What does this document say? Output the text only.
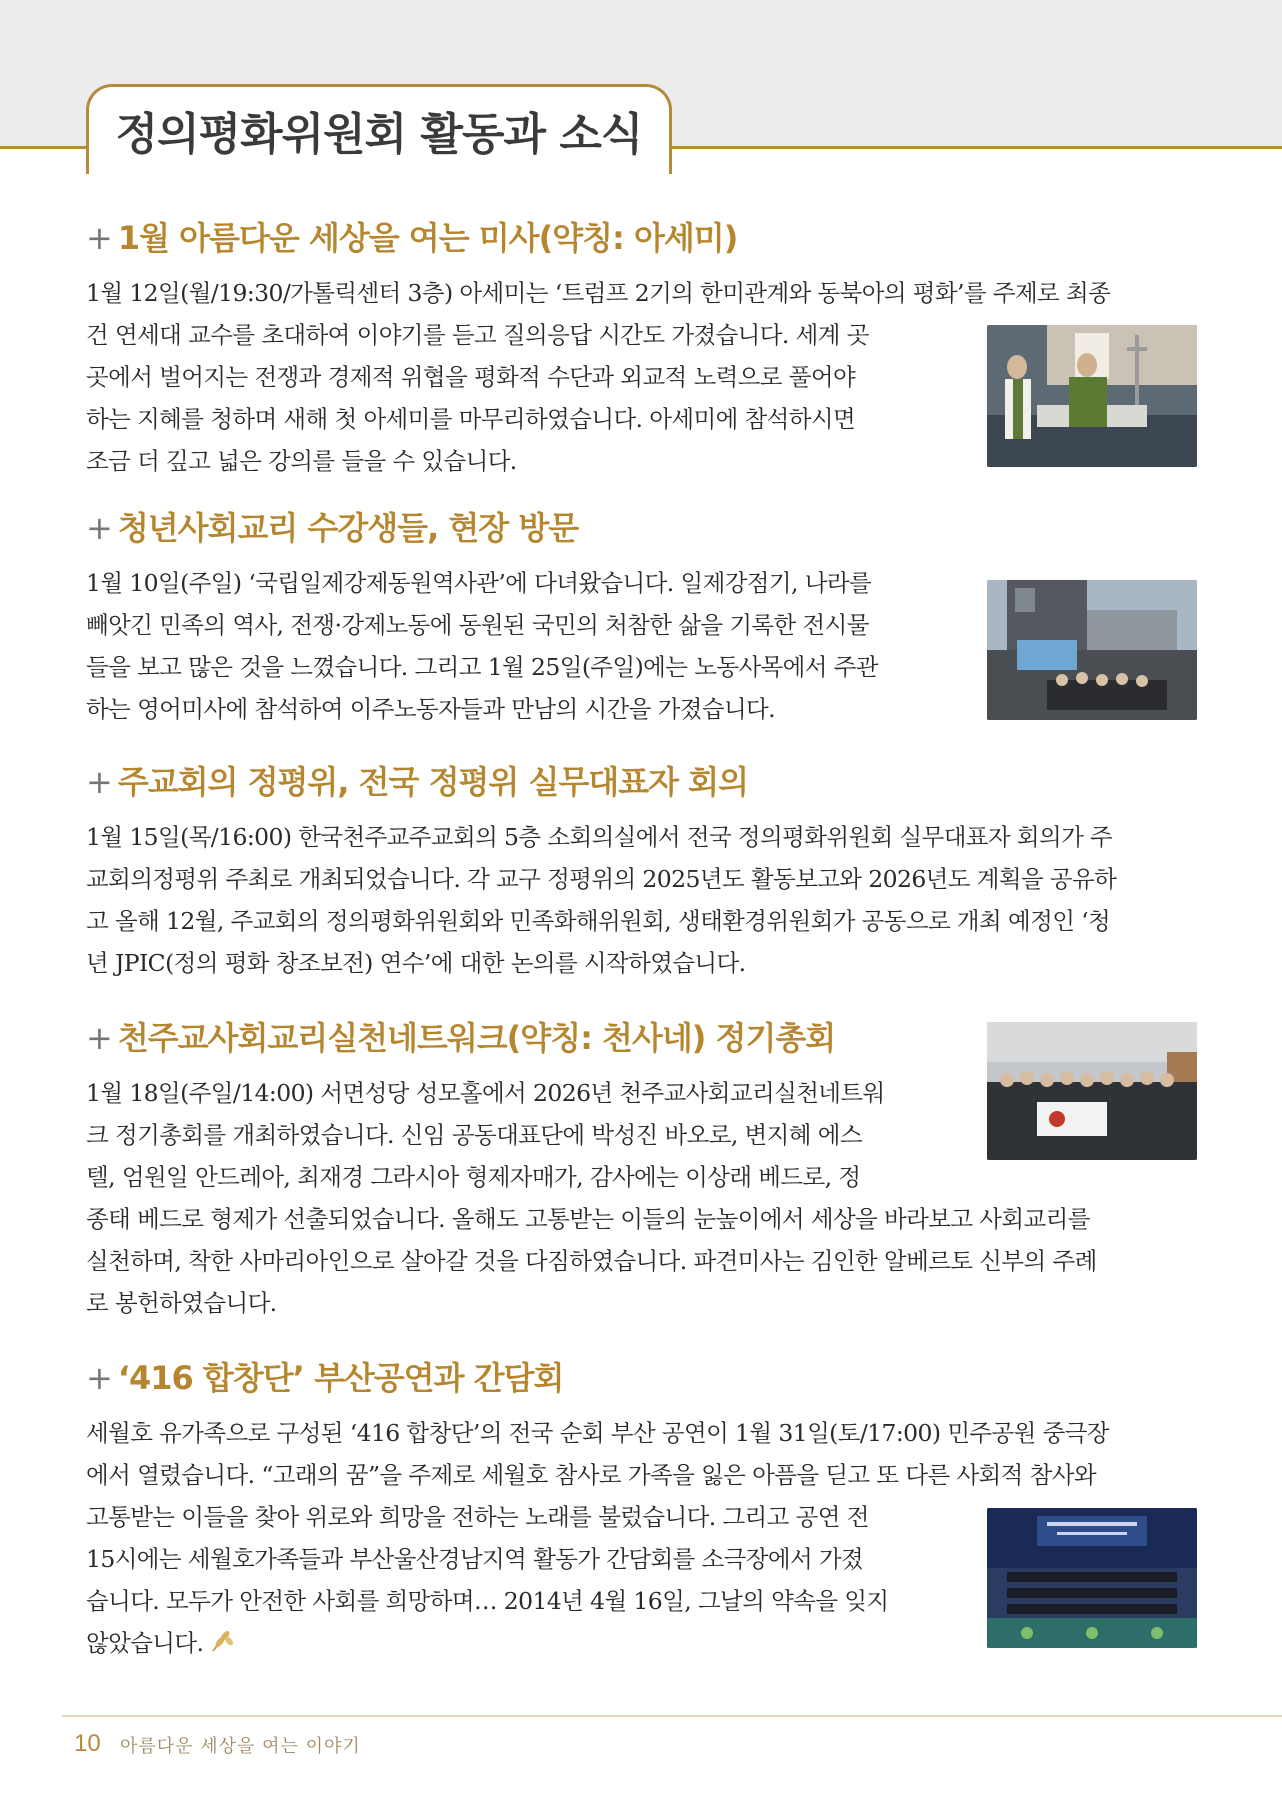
정의평화위원회 활동과 소식
+ 1월 아름다운 세상을 여는 미사(약칭: 아세미)
1월 12일(월/19:30/가톨릭센터 3층) 아세미는 ‘트럼프 2기의 한미관계와 동북아의 평화’를 주제로 최종
건 연세대 교수를 초대하여 이야기를 듣고 질의응답 시간도 가졌습니다. 세계 곳
곳에서 벌어지는 전쟁과 경제적 위협을 평화적 수단과 외교적 노력으로 풀어야
하는 지혜를 청하며 새해 첫 아세미를 마무리하였습니다. 아세미에 참석하시면
조금 더 깊고 넓은 강의를 들을 수 있습니다.
+ 청년사회교리 수강생들, 현장 방문
1월 10일(주일) ‘국립일제강제동원역사관’에 다녀왔습니다. 일제강점기, 나라를
빼앗긴 민족의 역사, 전쟁·강제노동에 동원된 국민의 처참한 삶을 기록한 전시물
들을 보고 많은 것을 느꼈습니다. 그리고 1월 25일(주일)에는 노동사목에서 주관
하는 영어미사에 참석하여 이주노동자들과 만남의 시간을 가졌습니다.
+ 주교회의 정평위, 전국 정평위 실무대표자 회의
1월 15일(목/16:00) 한국천주교주교회의 5층 소회의실에서 전국 정의평화위원회 실무대표자 회의가 주
교회의정평위 주최로 개최되었습니다. 각 교구 정평위의 2025년도 활동보고와 2026년도 계획을 공유하
고 올해 12월, 주교회의 정의평화위원회와 민족화해위원회, 생태환경위원회가 공동으로 개최 예정인 ‘청
년 JPIC(정의 평화 창조보전) 연수’에 대한 논의를 시작하였습니다.
+ 천주교사회교리실천네트워크(약칭: 천사네) 정기총회
1월 18일(주일/14:00) 서면성당 성모홀에서 2026년 천주교사회교리실천네트워
크 정기총회를 개최하였습니다. 신임 공동대표단에 박성진 바오로, 변지혜 에스
텔, 엄원일 안드레아, 최재경 그라시아 형제자매가, 감사에는 이상래 베드로, 정
종태 베드로 형제가 선출되었습니다. 올해도 고통받는 이들의 눈높이에서 세상을 바라보고 사회교리를
실천하며, 착한 사마리아인으로 살아갈 것을 다짐하였습니다. 파견미사는 김인한 알베르토 신부의 주례
로 봉헌하였습니다.
+ ‘416 합창단’ 부산공연과 간담회
세월호 유가족으로 구성된 ‘416 합창단’의 전국 순회 부산 공연이 1월 31일(토/17:00) 민주공원 중극장
에서 열렸습니다. “고래의 꿈”을 주제로 세월호 참사로 가족을 잃은 아픔을 딛고 또 다른 사회적 참사와
고통받는 이들을 찾아 위로와 희망을 전하는 노래를 불렀습니다. 그리고 공연 전
15시에는 세월호가족들과 부산울산경남지역 활동가 간담회를 소극장에서 가졌
습니다. 모두가 안전한 사회를 희망하며… 2014년 4월 16일, 그날의 약속을 잊지
않았습니다.
10 아름다운 세상을 여는 이야기
